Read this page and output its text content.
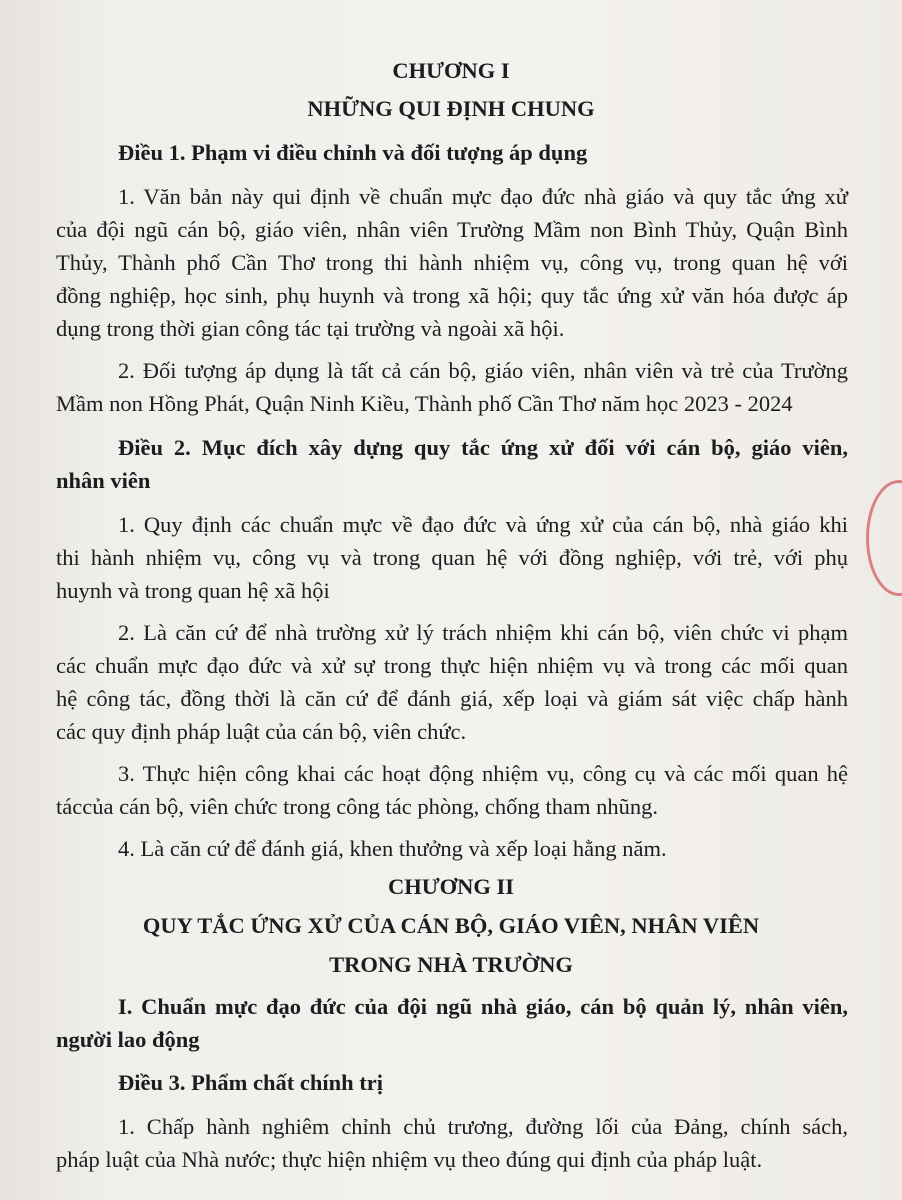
CHƯƠNG I
NHỮNG QUI ĐỊNH CHUNG
Điều 1. Phạm vi điều chỉnh và đối tượng áp dụng
1. Văn bản này qui định về chuẩn mực đạo đức nhà giáo và quy tắc ứng xử
của đội ngũ cán bộ, giáo viên, nhân viên Trường Mầm non Bình Thủy, Quận Bình
Thủy, Thành phố Cần Thơ trong thi hành nhiệm vụ, công vụ, trong quan hệ với
đồng nghiệp, học sinh, phụ huynh và trong xã hội; quy tắc ứng xử văn hóa được áp
dụng trong thời gian công tác tại trường và ngoài xã hội.
2. Đối tượng áp dụng là tất cả cán bộ, giáo viên, nhân viên và trẻ của Trường
Mầm non Hồng Phát, Quận Ninh Kiều, Thành phố Cần Thơ năm học 2023 - 2024
Điều 2. Mục đích xây dựng quy tắc ứng xử đối với cán bộ, giáo viên,
nhân viên
1. Quy định các chuẩn mực về đạo đức và ứng xử của cán bộ, nhà giáo khi
thi hành nhiệm vụ, công vụ và trong quan hệ với đồng nghiệp, với trẻ, với phụ
huynh và trong quan hệ xã hội
2. Là căn cứ để nhà trường xử lý trách nhiệm khi cán bộ, viên chức vi phạm
các chuẩn mực đạo đức và xử sự trong thực hiện nhiệm vụ và trong các mối quan
hệ công tác, đồng thời là căn cứ để đánh giá, xếp loại và giám sát việc chấp hành
các quy định pháp luật của cán bộ, viên chức.
3. Thực hiện công khai các hoạt động nhiệm vụ, công cụ và các mối quan hệ
táccủa cán bộ, viên chức trong công tác phòng, chống tham nhũng.
4. Là căn cứ để đánh giá, khen thưởng và xếp loại hằng năm.
CHƯƠNG II
QUY TẮC ỨNG XỬ CỦA CÁN BỘ, GIÁO VIÊN, NHÂN VIÊN
TRONG NHÀ TRƯỜNG
I. Chuẩn mực đạo đức của đội ngũ nhà giáo, cán bộ quản lý, nhân viên,
người lao động
Điều 3. Phẩm chất chính trị
1. Chấp hành nghiêm chỉnh chủ trương, đường lối của Đảng, chính sách,
pháp luật của Nhà nước; thực hiện nhiệm vụ theo đúng qui định của pháp luật.
